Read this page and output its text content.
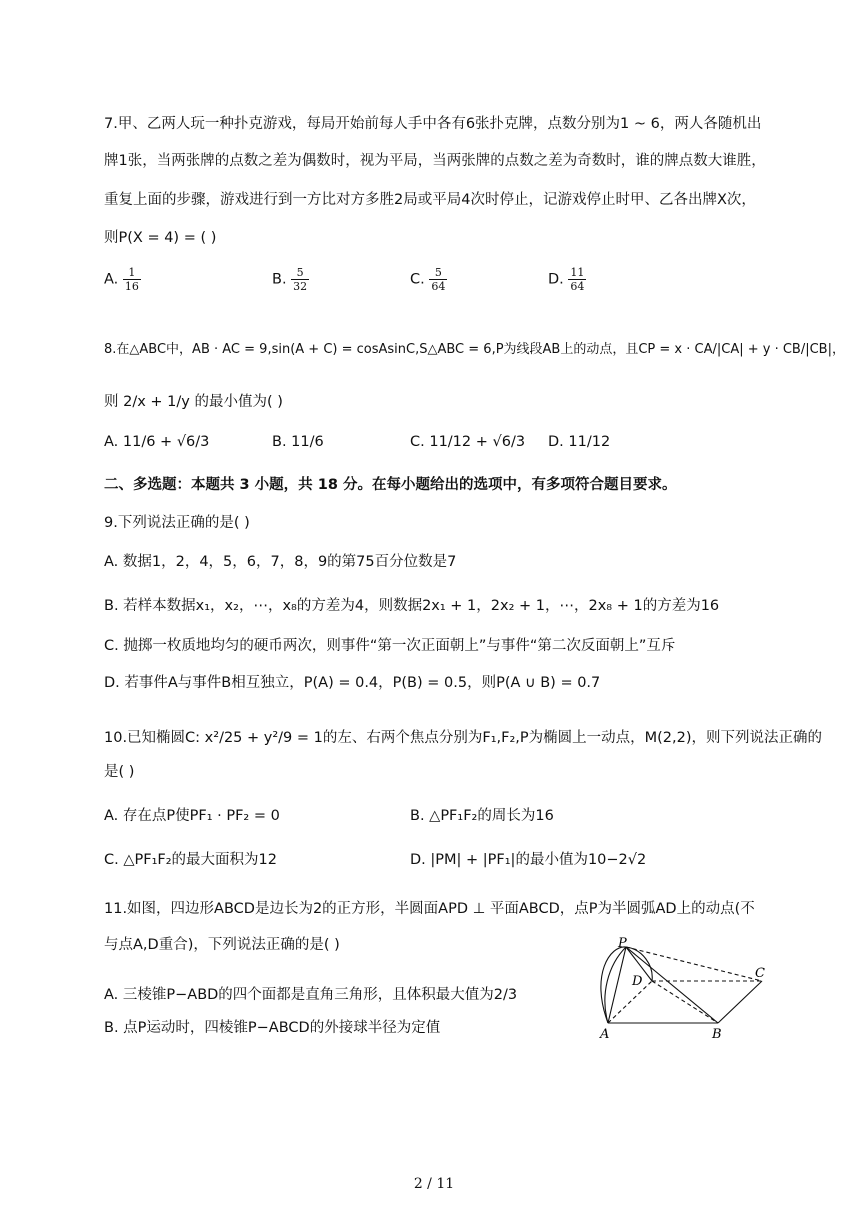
7.甲、乙两人玩一种扑克游戏，每局开始前每人手中各有6张扑克牌，点数分别为1 ~ 6，两人各随机出
牌1张，当两张牌的点数之差为偶数时，视为平局，当两张牌的点数之差为奇数时，谁的牌点数大谁胜，
重复上面的步骤，游戏进行到一方比对方多胜2局或平局4次时停止，记游戏停止时甲、乙各出牌X次，
则P(X = 4) = ( )
A. $\frac{1}{16}$	B. $\frac{5}{32}$	C. $\frac{5}{64}$	D. $\frac{11}{64}$
8.在△ABC中，AB · AC = 9,sin(A + C) = cosAsinC,S△ABC = 6,P为线段AB上的动点，且CP = x · CA/|CA| + y · CB/|CB|，
则 2/x + 1/y 的最小值为( )
A. 11/6 + √6/3	B. 11/6	C. 11/12 + √6/3 D. 11/12
二、多选题：本题共 3 小题，共 18 分。在每小题给出的选项中，有多项符合题目要求。
9.下列说法正确的是( )
A. 数据1，2，4，5，6，7，8，9的第75百分位数是7
B. 若样本数据x₁，x₂，⋯，x₈的方差为4，则数据2x₁ + 1，2x₂ + 1，⋯，2x₈ + 1的方差为16
C. 抛掷一枚质地均匀的硬币两次，则事件“第一次正面朝上”与事件“第二次反面朝上”互斥
D. 若事件A与事件B相互独立，P(A) = 0.4，P(B) = 0.5，则P(A ∪ B) = 0.7
10.已知椭圆C: x²/25 + y²/9 = 1的左、右两个焦点分别为F₁,F₂,P为椭圆上一动点，M(2,2)，则下列说法正确的
是( )
A. 存在点P使PF₁ · PF₂ = 0	B. △PF₁F₂的周长为16
C. △PF₁F₂的最大面积为12	D. |PM| + |PF₁|的最小值为10−2√2
11.如图，四边形ABCD是边长为2的正方形，半圆面APD ⊥ 平面ABCD，点P为半圆弧AD上的动点(不
与点A,D重合)，下列说法正确的是( )
A. 三棱锥P−ABD的四个面都是直角三角形，且体积最大值为2/3
B. 点P运动时，四棱锥P−ABCD的外接球半径为定值
P
C
D
A	B
2 / 11
